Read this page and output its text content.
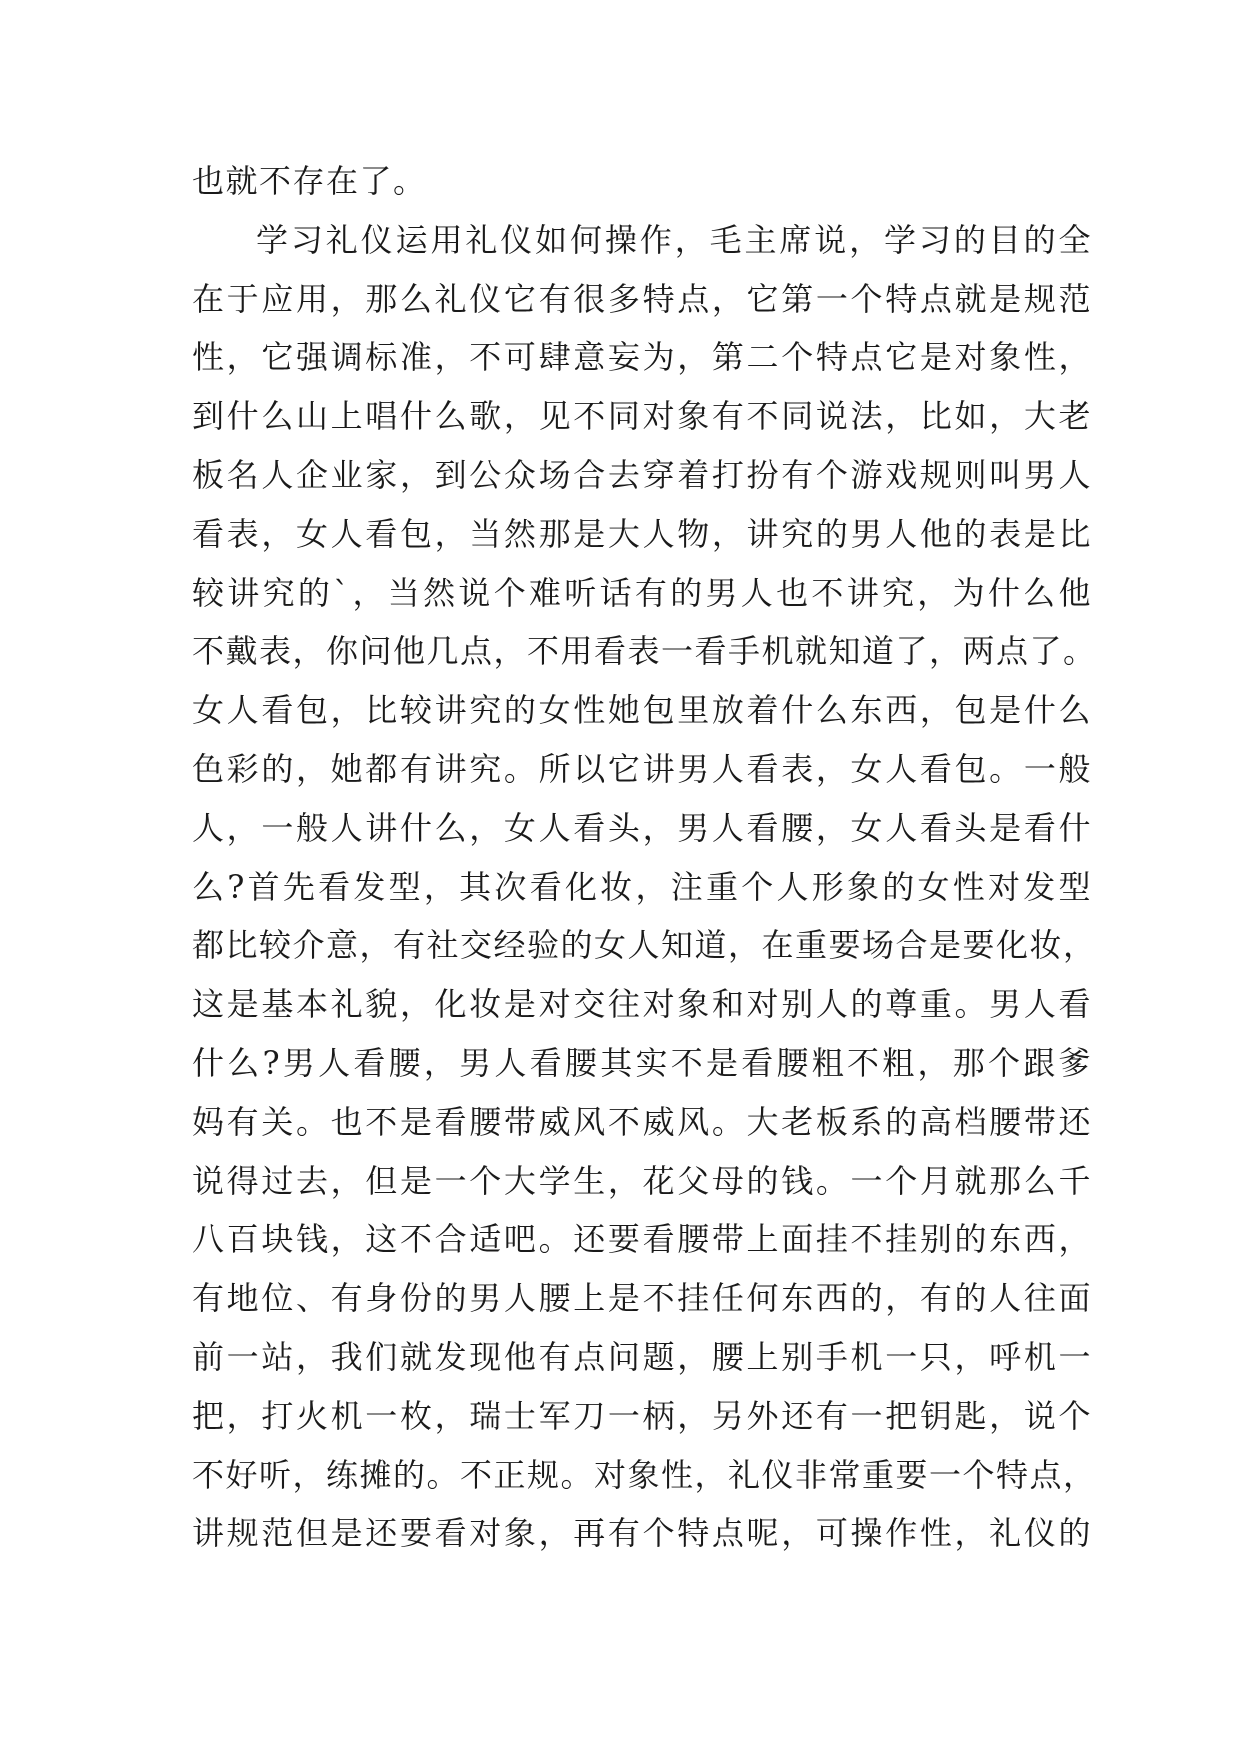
也就不存在了。
学习礼仪运用礼仪如何操作，毛主席说，学习的目的全
在于应用，那么礼仪它有很多特点，它第一个特点就是规范
性，它强调标准，不可肆意妄为，第二个特点它是对象性，
到什么山上唱什么歌，见不同对象有不同说法，比如，大老
板名人企业家，到公众场合去穿着打扮有个游戏规则叫男人
看表，女人看包，当然那是大人物，讲究的男人他的表是比
较讲究的`，当然说个难听话有的男人也不讲究，为什么他
不戴表，你问他几点，不用看表一看手机就知道了，两点了。
女人看包，比较讲究的女性她包里放着什么东西，包是什么
色彩的，她都有讲究。所以它讲男人看表，女人看包。一般
人，一般人讲什么，女人看头，男人看腰，女人看头是看什
么?首先看发型，其次看化妆，注重个人形象的女性对发型
都比较介意，有社交经验的女人知道，在重要场合是要化妆，
这是基本礼貌，化妆是对交往对象和对别人的尊重。男人看
什么?男人看腰，男人看腰其实不是看腰粗不粗，那个跟爹
妈有关。也不是看腰带威风不威风。大老板系的高档腰带还
说得过去，但是一个大学生，花父母的钱。一个月就那么千
八百块钱，这不合适吧。还要看腰带上面挂不挂别的东西，
有地位、有身份的男人腰上是不挂任何东西的，有的人往面
前一站，我们就发现他有点问题，腰上别手机一只，呼机一
把，打火机一枚，瑞士军刀一柄，另外还有一把钥匙，说个
不好听，练摊的。不正规。对象性，礼仪非常重要一个特点，
讲规范但是还要看对象，再有个特点呢，可操作性，礼仪的
